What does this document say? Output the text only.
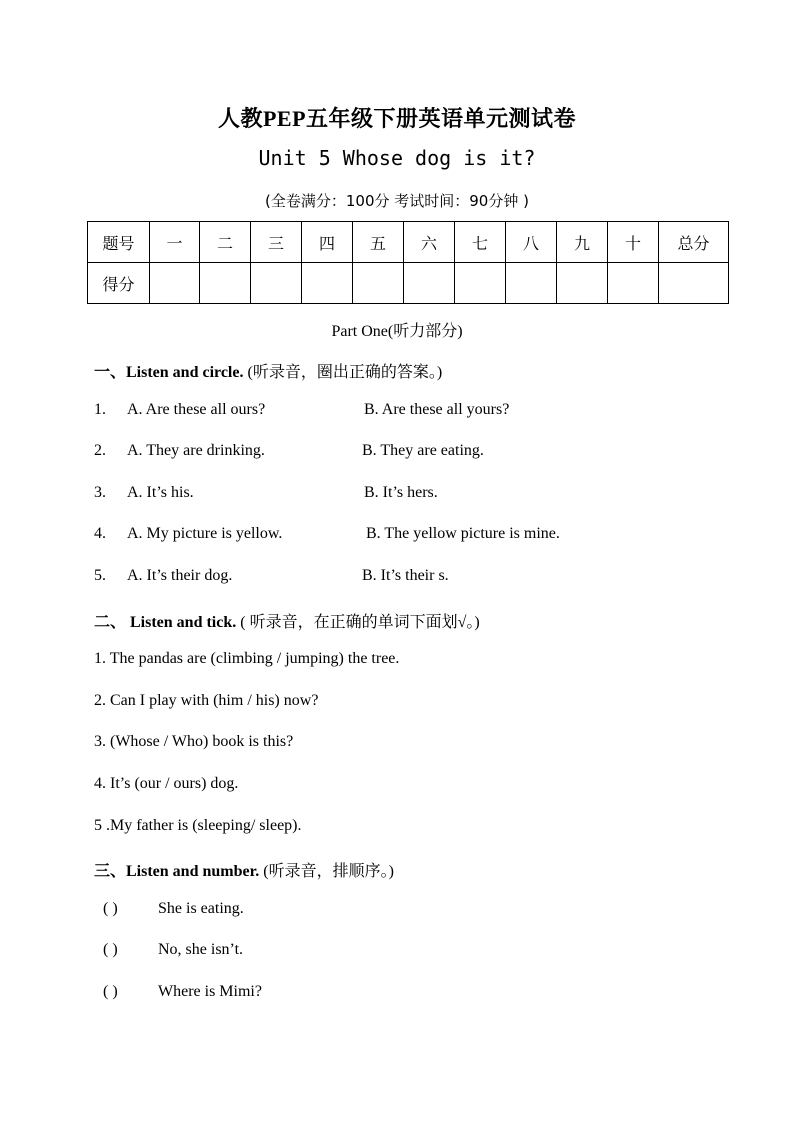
人教PEP五年级下册英语单元测试卷
Unit 5 Whose dog is it?
(全卷满分：100分 考试时间：90分钟 )
题号	一	二	三	四	五	六	七	八	九	十	总分
得分											
Part One(听力部分)
一、Listen and circle. (听录音，圈出正确的答案。)
1. A. Are these all ours?	B. Are these all yours?
2. A. They are drinking.	B. They are eating.
3. A. It’s his.	B. It’s hers.
4. A. My picture is yellow.	B. The yellow picture is mine.
5. A. It’s their dog.	B. It’s their s.
二、 Listen and tick. ( 听录音，在正确的单词下面划√。)
1. The pandas are (climbing / jumping) the tree.
2. Can I play with (him / his) now?
3. (Whose / Who) book is this?
4. It’s (our / ours) dog.
5 .My father is (sleeping/ sleep).
三、Listen and number. (听录音，排顺序。)
( )	She is eating.
( )	No, she isn’t.
( )	Where is Mimi?
